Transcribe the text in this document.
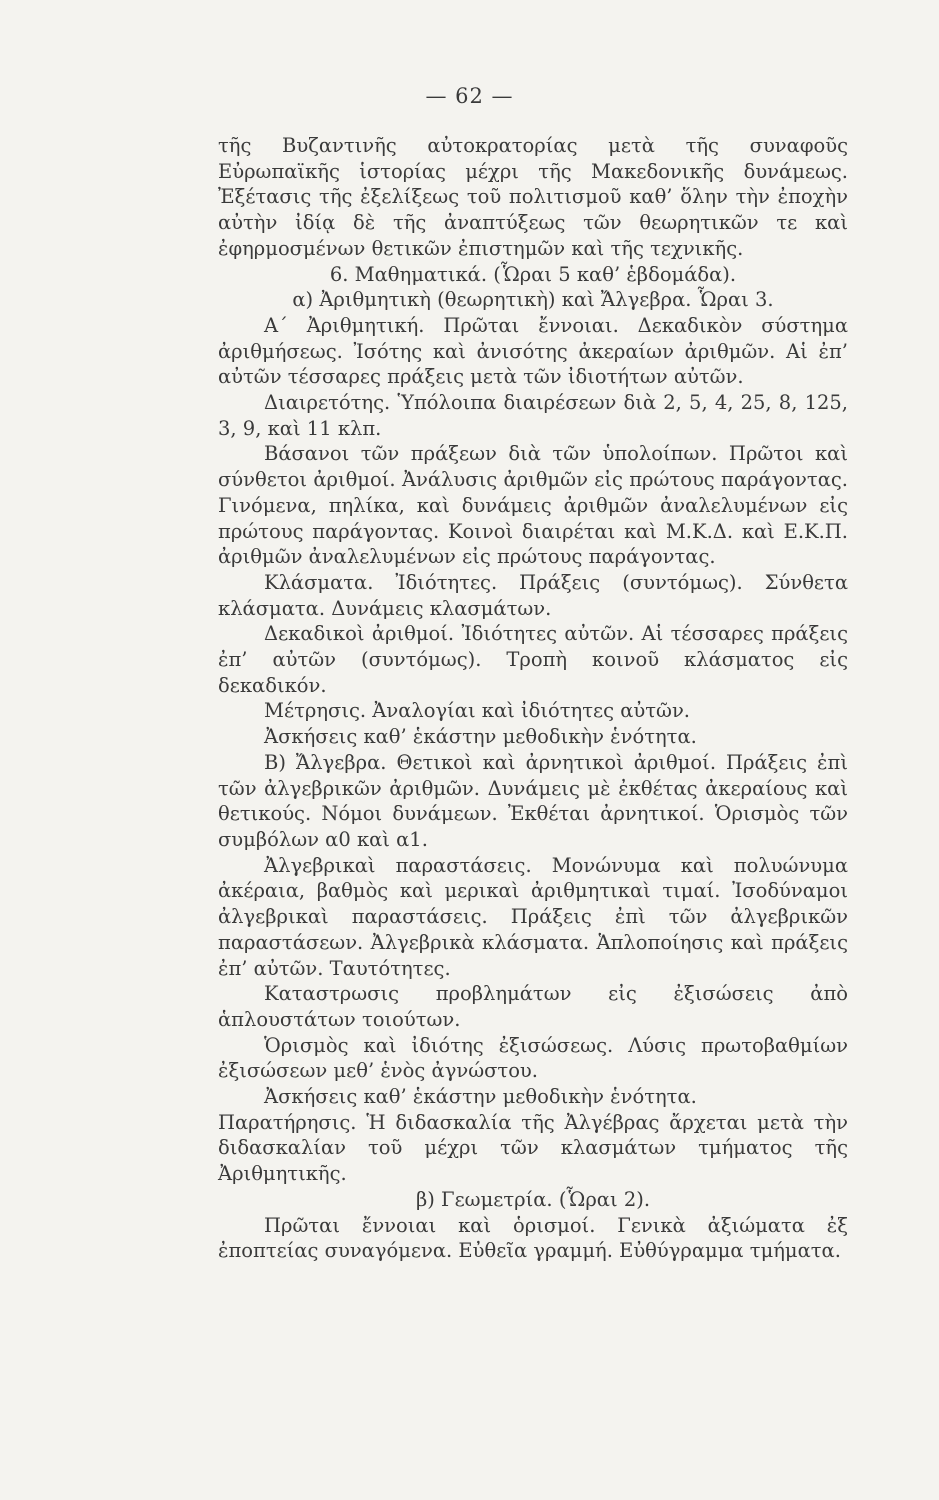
— 62 —

τῆς Βυζαντινῆς αὐτοκρατορίας μετὰ τῆς συναφοῦς Εὐρωπαϊκῆς ἱστορίας μέχρι τῆς Μακεδονικῆς δυνάμεως. Ἐξέτασις τῆς ἐξελίξεως τοῦ πολιτισμοῦ καθ’ ὅλην τὴν ἐποχὴν αὐτὴν ἰδίᾳ δὲ τῆς ἀναπτύξεως τῶν θεωρητικῶν τε καὶ ἐφηρμοσμένων θετικῶν ἐπιστημῶν καὶ τῆς τεχνικῆς.

6. Μαθηματικά. (Ὧραι 5 καθ’ ἑβδομάδα).

α) Ἀριθμητικὴ (θεωρητικὴ) καὶ Ἄλγεβρα. Ὧραι 3.

Α΄ Ἀριθμητική. Πρῶται ἔννοιαι. Δεκαδικὸν σύστημα ἀριθμήσεως. Ἰσότης καὶ ἀνισότης ἀκεραίων ἀριθμῶν. Αἱ ἐπ’ αὐτῶν τέσσαρες πράξεις μετὰ τῶν ἰδιοτήτων αὐτῶν.

Διαιρετότης. Ὑπόλοιπα διαιρέσεων διὰ 2, 5, 4, 25, 8, 125, 3, 9, καὶ 11 κλπ.

Βάσανοι τῶν πράξεων διὰ τῶν ὑπολοίπων. Πρῶτοι καὶ σύνθετοι ἀριθμοί. Ἀνάλυσις ἀριθμῶν εἰς πρώτους παράγοντας. Γινόμενα, πηλίκα, καὶ δυνάμεις ἀριθμῶν ἀναλελυμένων εἰς πρώτους παράγοντας. Κοινοὶ διαιρέται καὶ Μ.Κ.Δ. καὶ Ε.Κ.Π. ἀριθμῶν ἀναλελυμένων εἰς πρώτους παράγοντας.

Κλάσματα. Ἰδιότητες. Πράξεις (συντόμως). Σύνθετα κλάσματα. Δυνάμεις κλασμάτων.

Δεκαδικοὶ ἀριθμοί. Ἰδιότητες αὐτῶν. Αἱ τέσσαρες πράξεις ἐπ’ αὐτῶν (συντόμως). Τροπὴ κοινοῦ κλάσματος εἰς δεκαδικόν.

Μέτρησις. Ἀναλογίαι καὶ ἰδιότητες αὐτῶν.

Ἀσκήσεις καθ’ ἑκάστην μεθοδικὴν ἑνότητα.

Β) Ἄλγεβρα. Θετικοὶ καὶ ἀρνητικοὶ ἀριθμοί. Πράξεις ἐπὶ τῶν ἀλγεβρικῶν ἀριθμῶν. Δυνάμεις μὲ ἐκθέτας ἀκεραίους καὶ θετικούς. Νόμοι δυνάμεων. Ἐκθέται ἀρνητικοί. Ὁρισμὸς τῶν συμβόλων α0 καὶ α1.

Ἀλγεβρικαὶ παραστάσεις. Μονώνυμα καὶ πολυώνυμα ἀκέραια, βαθμὸς καὶ μερικαὶ ἀριθμητικαὶ τιμαί. Ἰσοδύναμοι ἀλγεβρικαὶ παραστάσεις. Πράξεις ἐπὶ τῶν ἀλγεβρικῶν παραστάσεων. Ἀλγεβρικὰ κλάσματα. Ἁπλοποίησις καὶ πράξεις ἐπ’ αὐτῶν. Ταυτότητες.

Καταστρωσις προβλημάτων εἰς ἐξισώσεις ἀπὸ ἁπλουστάτων τοιούτων.

Ὁρισμὸς καὶ ἰδιότης ἐξισώσεως. Λύσις πρωτοβαθμίων ἐξισώσεων μεθ’ ἑνὸς ἀγνώστου.

Ἀσκήσεις καθ’ ἑκάστην μεθοδικὴν ἑνότητα.

Παρατήρησις. Ἡ διδασκαλία τῆς Ἀλγέβρας ἄρχεται μετὰ τὴν διδασκαλίαν τοῦ μέχρι τῶν κλασμάτων τμήματος τῆς Ἀριθμητικῆς.

β) Γεωμετρία. (Ὧραι 2).

Πρῶται ἔννοιαι καὶ ὁρισμοί. Γενικὰ ἀξιώματα ἐξ ἐποπτείας συναγόμενα. Εὐθεῖα γραμμή. Εὐθύγραμμα τμήματα.
